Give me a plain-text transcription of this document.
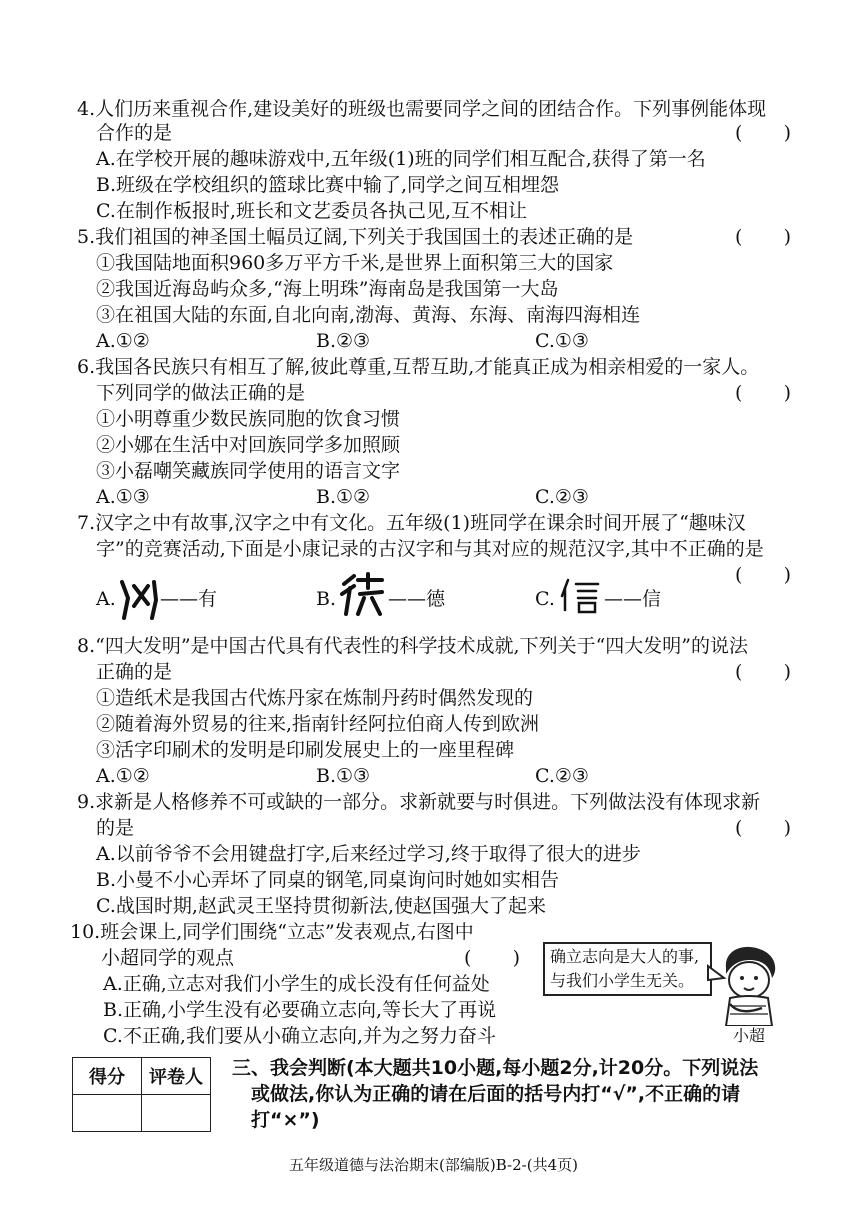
4.人们历来重视合作,建设美好的班级也需要同学之间的团结合作。下列事例能体现
合作的是	( )
A.在学校开展的趣味游戏中,五年级(1)班的同学们相互配合,获得了第一名
B.班级在学校组织的篮球比赛中输了,同学之间互相埋怨
C.在制作板报时,班长和文艺委员各执己见,互不相让
5.我们祖国的神圣国土幅员辽阔,下列关于我国国土的表述正确的是	( )
①我国陆地面积960多万平方千米,是世界上面积第三大的国家
②我国近海岛屿众多,“海上明珠”海南岛是我国第一大岛
③在祖国大陆的东面,自北向南,渤海、黄海、东海、南海四海相连
A.①②	B.②③	C.①③
6.我国各民族只有相互了解,彼此尊重,互帮互助,才能真正成为相亲相爱的一家人。
下列同学的做法正确的是	( )
①小明尊重少数民族同胞的饮食习惯
②小娜在生活中对回族同学多加照顾
③小磊嘲笑藏族同学使用的语言文字
A.①③	B.①②	C.②③
7.汉字之中有故事,汉字之中有文化。五年级(1)班同学在课余时间开展了“趣味汉
字”的竞赛活动,下面是小康记录的古汉字和与其对应的规范汉字,其中不正确的是
( )
A. ——有	B.	——德	C.	——信
8.“四大发明”是中国古代具有代表性的科学技术成就,下列关于“四大发明”的说法
正确的是	( )
①造纸术是我国古代炼丹家在炼制丹药时偶然发现的
②随着海外贸易的往来,指南针经阿拉伯商人传到欧洲
③活字印刷术的发明是印刷发展史上的一座里程碑
A.①②	B.①③	C.②③
9.求新是人格修养不可或缺的一部分。求新就要与时俱进。下列做法没有体现求新
的是	( )
A.以前爷爷不会用键盘打字,后来经过学习,终于取得了很大的进步
B.小曼不小心弄坏了同桌的钢笔,同桌询问时她如实相告
C.战国时期,赵武灵王坚持贯彻新法,使赵国强大了起来
10.班会课上,同学们围绕“立志”发表观点,右图中
小超同学的观点	( )
A.正确,立志对我们小学生的成长没有任何益处
B.正确,小学生没有必要确立志向,等长大了再说
C.不正确,我们要从小确立志向,并为之努力奋斗
确立志向是大人的事,
与我们小学生无关。
小超
得分	评卷人
	三、我会判断(本大题共10小题,每小题2分,计20分。下列说法
或做法,你认为正确的请在后面的括号内打“√”,不正确的请
打“×”)
五年级道德与法治期末(部编版)B-2-(共4页)
